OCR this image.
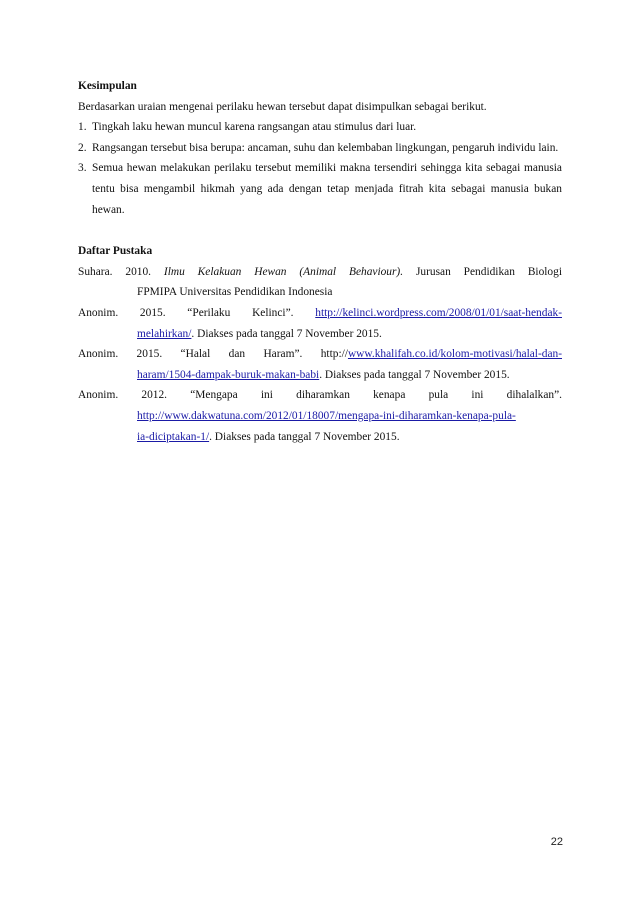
Kesimpulan

Berdasarkan uraian mengenai perilaku hewan tersebut dapat disimpulkan sebagai berikut.

1. Tingkah laku hewan muncul karena rangsangan atau stimulus dari luar.
2. Rangsangan tersebut bisa berupa: ancaman, suhu dan kelembaban lingkungan, pengaruh individu lain.
3. Semua hewan melakukan perilaku tersebut memiliki makna tersendiri sehingga kita sebagai manusia tentu bisa mengambil hikmah yang ada dengan tetap menjada fitrah kita sebagai manusia bukan hewan.

Daftar Pustaka

Suhara. 2010. Ilmu Kelakuan Hewan (Animal Behaviour). Jurusan Pendidikan Biologi

FPMIPA Universitas Pendidikan Indonesia

Anonim. 2015. “Perilaku Kelinci”. http://kelinci.wordpress.com/2008/01/01/saat-hendak-

melahirkan/. Diakses pada tanggal 7 November 2015.

Anonim. 2015. “Halal dan Haram”. http://www.khalifah.co.id/kolom-motivasi/halal-dan-

haram/1504-dampak-buruk-makan-babi. Diakses pada tanggal 7 November 2015.

Anonim. 2012. “Mengapa ini diharamkan kenapa pula ini dihalalkan”.

http://www.dakwatuna.com/2012/01/18007/mengapa-ini-diharamkan-kenapa-pula-

ia-diciptakan-1/. Diakses pada tanggal 7 November 2015.

22
